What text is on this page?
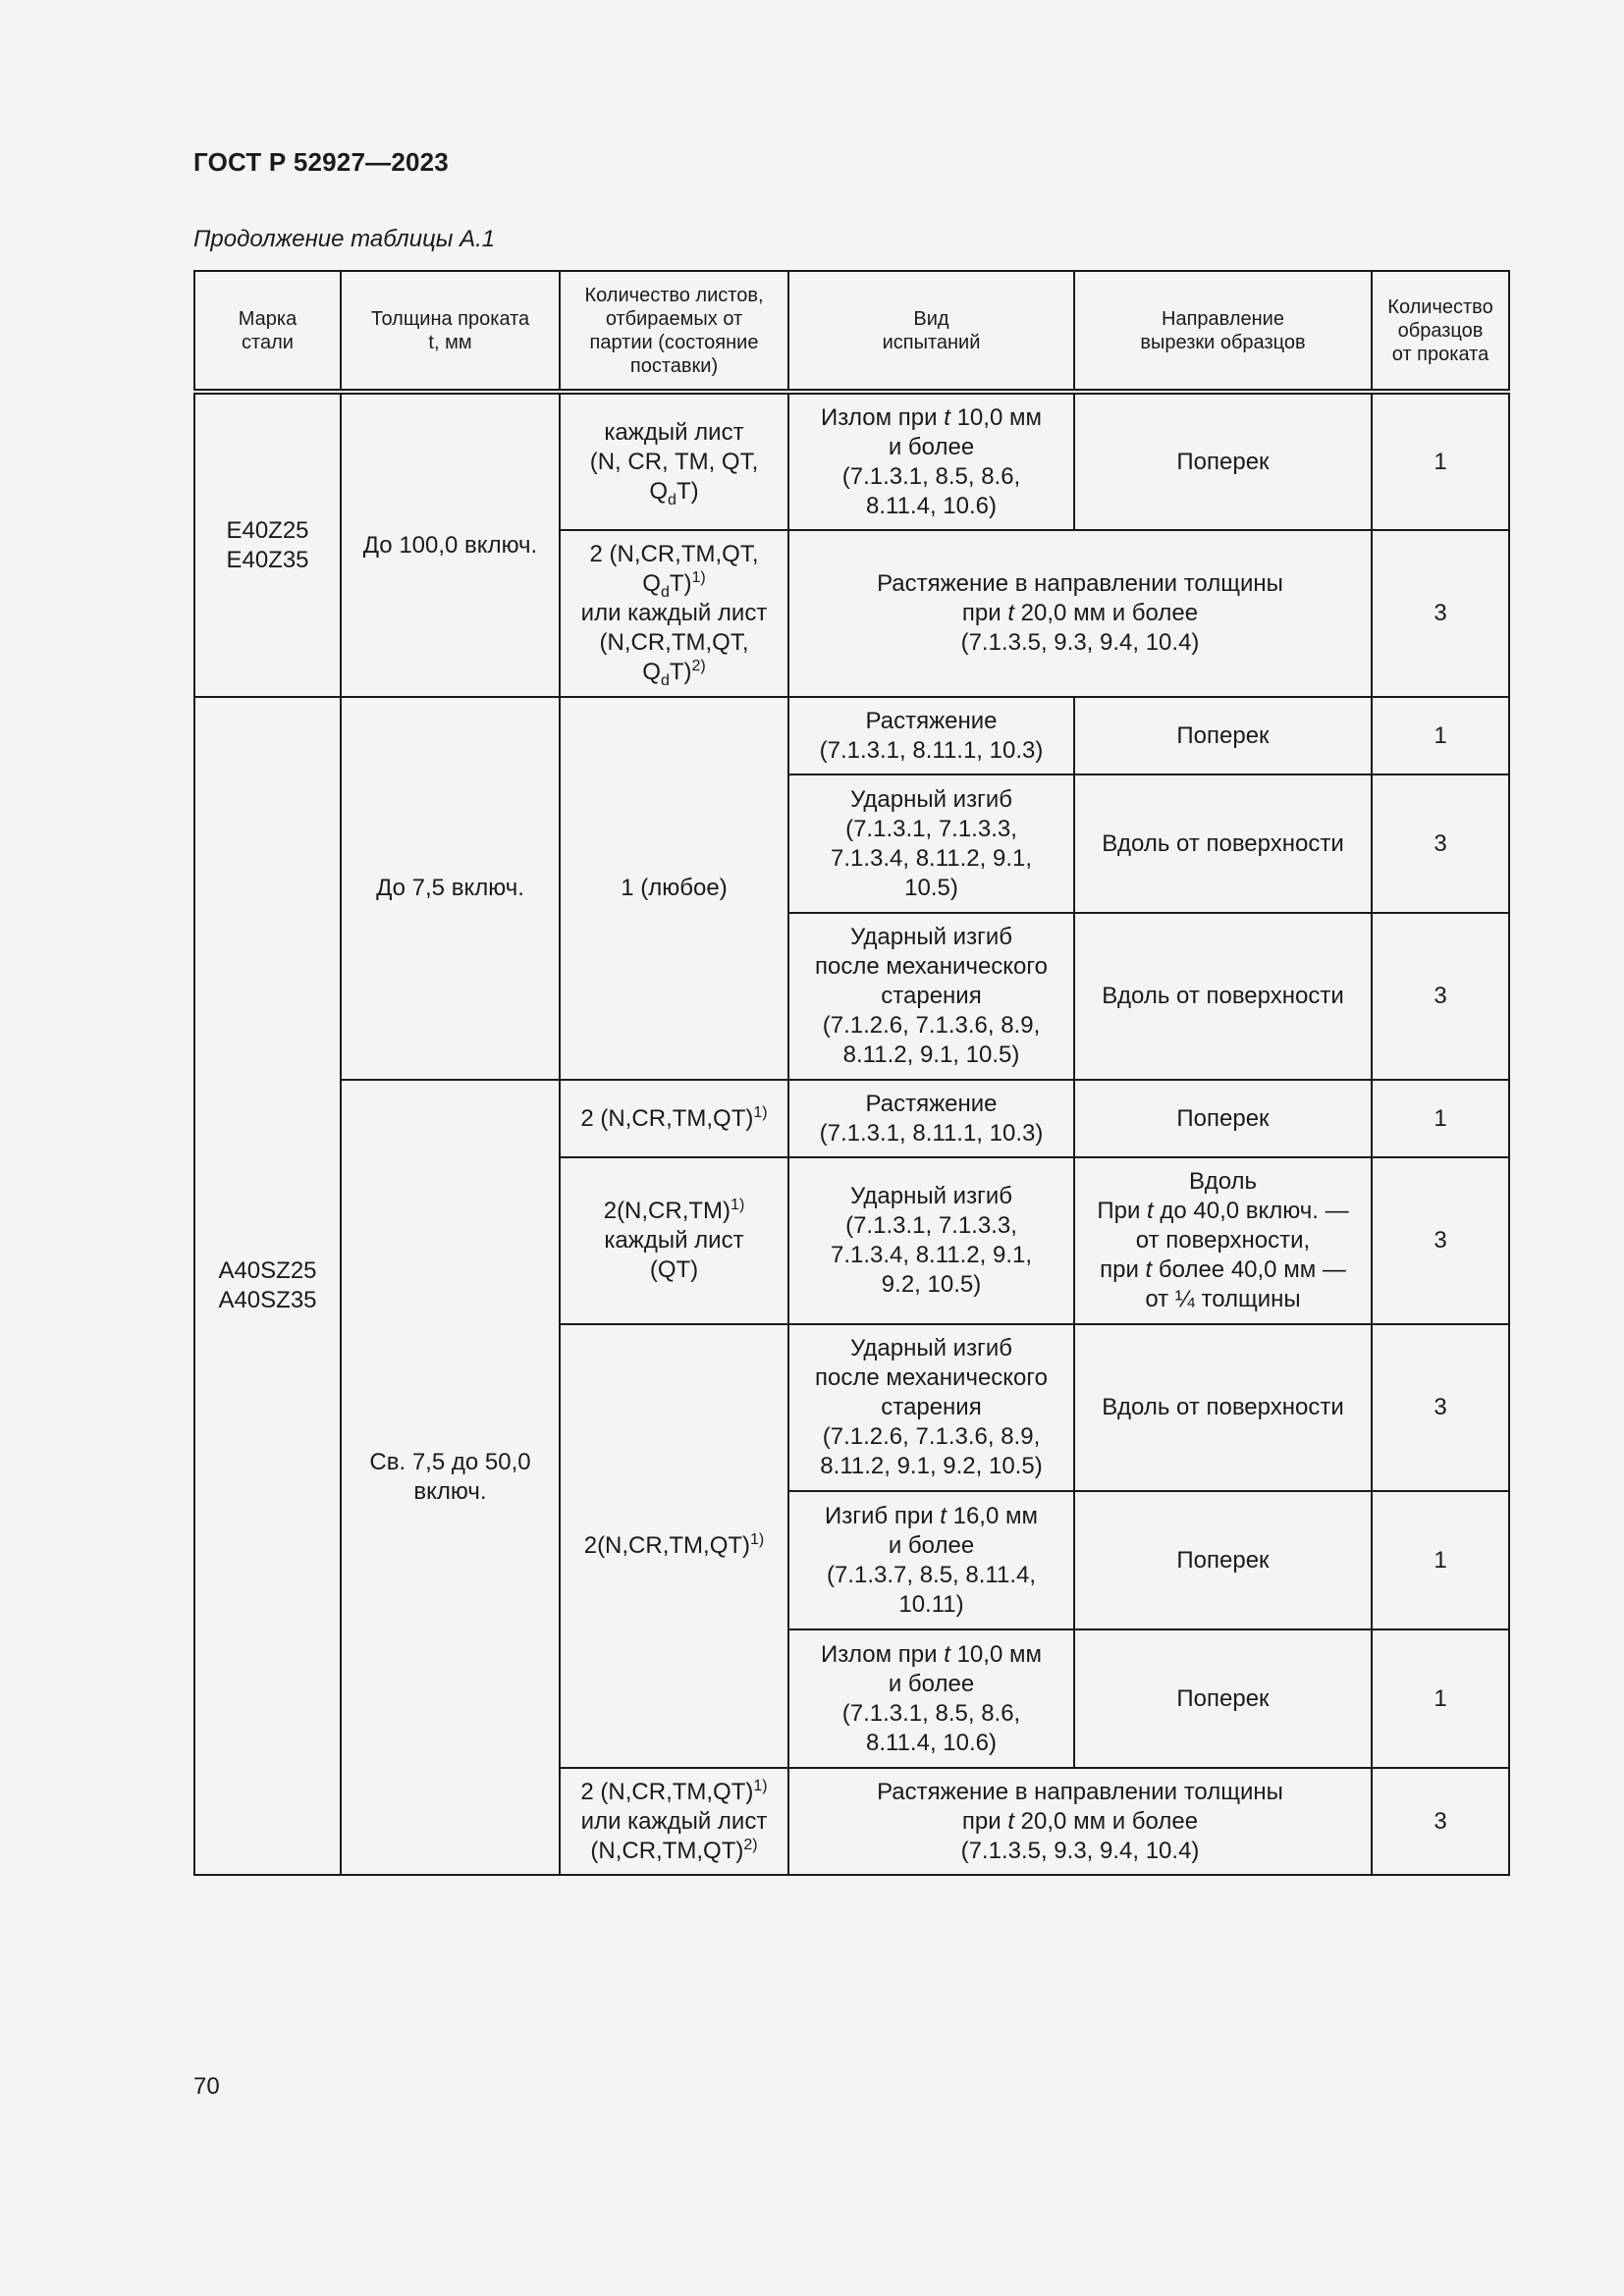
ГОСТ Р 52927—2023
Продолжение таблицы А.1
Марка
стали	Толщина проката
t, мм	Количество листов,
отбираемых от
партии (состояние
поставки)	Вид
испытаний	Направление
вырезки образцов	Количество
образцов
от проката

E40Z25
E40Z35	До 100,0 включ.	каждый лист
(N, CR, TM, QT,
$Q_dT$)	Излом при t 10,0 мм
и более
(7.1.3.1, 8.5, 8.6,
8.11.4, 10.6)	Поперек	1

		2 (N,CR,TM,QT,
$Q_dT)^{1)}$
или каждый лист
(N,CR,TM,QT,
$Q_dT)^{2)}$	Растяжение в направлении толщины
при t 20,0 мм и более
(7.1.3.5, 9.3, 9.4, 10.4)		3

A40SZ25
A40SZ35	До 7,5 включ.	1 (любое)	Растяжение
(7.1.3.1, 8.11.1, 10.3)	Поперек	1

			Ударный изгиб
(7.1.3.1, 7.1.3.3,
7.1.3.4, 8.11.2, 9.1,
10.5)	Вдоль от поверхности	3

			Ударный изгиб
после механического
старения
(7.1.2.6, 7.1.3.6, 8.9,
8.11.2, 9.1, 10.5)	Вдоль от поверхности	3

	Св. 7,5 до 50,0
включ.	2 $(N,CR,TM,QT)^{1)}$	Растяжение
(7.1.3.1, 8.11.1, 10.3)	Поперек	1

		$2(N,CR,TM)^{1)}$
каждый лист
(QT)	Ударный изгиб
(7.1.3.1, 7.1.3.3,
7.1.3.4, 8.11.2, 9.1,
9.2, 10.5)	Вдоль
При t до 40,0 включ. —
от поверхности,
при t более 40,0 мм —
от ¼ толщины	3
		$2(N,CR,TM,QT)^{1)}$	Ударный изгиб
после механического
старения
(7.1.2.6, 7.1.3.6, 8.9,
8.11.2, 9.1, 9.2, 10.5)	Вдоль от поверхности	3

			Изгиб при t 16,0 мм
и более
(7.1.3.7, 8.5, 8.11.4,
10.11)	Поперек	1

			Излом при t 10,0 мм
и более
(7.1.3.1, 8.5, 8.6,
8.11.4, 10.6)	Поперек	1

		2 $(N,CR,TM,QT)^{1)}$
или каждый лист
$(N,CR,TM,QT)^{2)}$	Растяжение в направлении толщины
при t 20,0 мм и более
(7.1.3.5, 9.3, 9.4, 10.4)		3
70
